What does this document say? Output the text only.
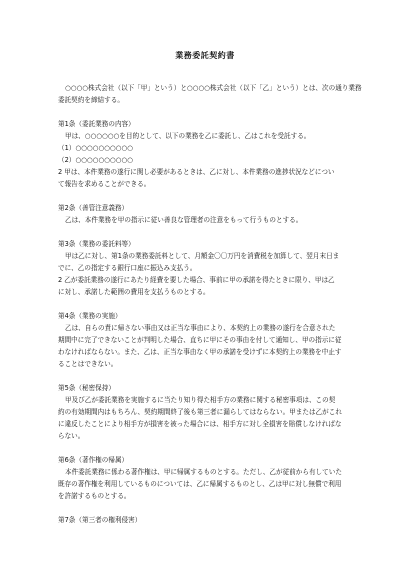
業務委託契約書

○○○○株式会社（以下「甲」という）と○○○○株式会社（以下「乙」という）とは、次の通り業務

委託契約を締結する。

第1条（委託業務の内容）

甲は、○○○○○○を目的として、以下の業務を乙に委託し、乙はこれを受託する。

（1）○○○○○○○○○○

（2）○○○○○○○○○○

2 甲は、本件業務の遂行に関し必要があるときは、乙に対し、本件業務の進捗状況などについ

て報告を求めることができる。

第2条（善管注意義務）

乙は、本件業務を甲の指示に従い善良な管理者の注意をもって行うものとする。

第3条（業務の委託料等）

甲は乙に対し、第1条の業務委託料として、月額金〇〇万円を消費税を加算して、翌月末日ま

でに、乙の指定する銀行口座に振込み支払う。

2 乙が委託業務の遂行にあたり経費を要した場合、事前に甲の承諾を得たときに限り、甲は乙

に対し、承諾した範囲の費用を支払うものとする。

第4条（業務の実施）

乙は、自らの責に帰さない事由又は正当な事由により、本契約上の業務の遂行を合意された

期間中に完了できないことが判明した場合、直ちに甲にその事由を付して通知し、甲の指示に従

わなければならない。また、乙は、正当な事由なく甲の承諾を受けずに本契約上の業務を中止す

ることはできない。

第5条（秘密保持）

甲及び乙が委託業務を実施するに当たり知り得た相手方の業務に関する秘密事項は、この契

約の有効期間内はもちろん、契約期間終了後も第三者に漏らしてはならない。甲または乙がこれ

に違反したことにより相手方が損害を被った場合には、相手方に対し全損害を賠償しなければな

らない。

第6条（著作権の帰属）

本件委託業務に係わる著作権は、甲に帰属するものとする。ただし、乙が従前から有していた

既存の著作権を利用しているものについては、乙に帰属するものとし、乙は甲に対し無償で利用

を許諾するものとする。

第7条（第三者の権利侵害）
